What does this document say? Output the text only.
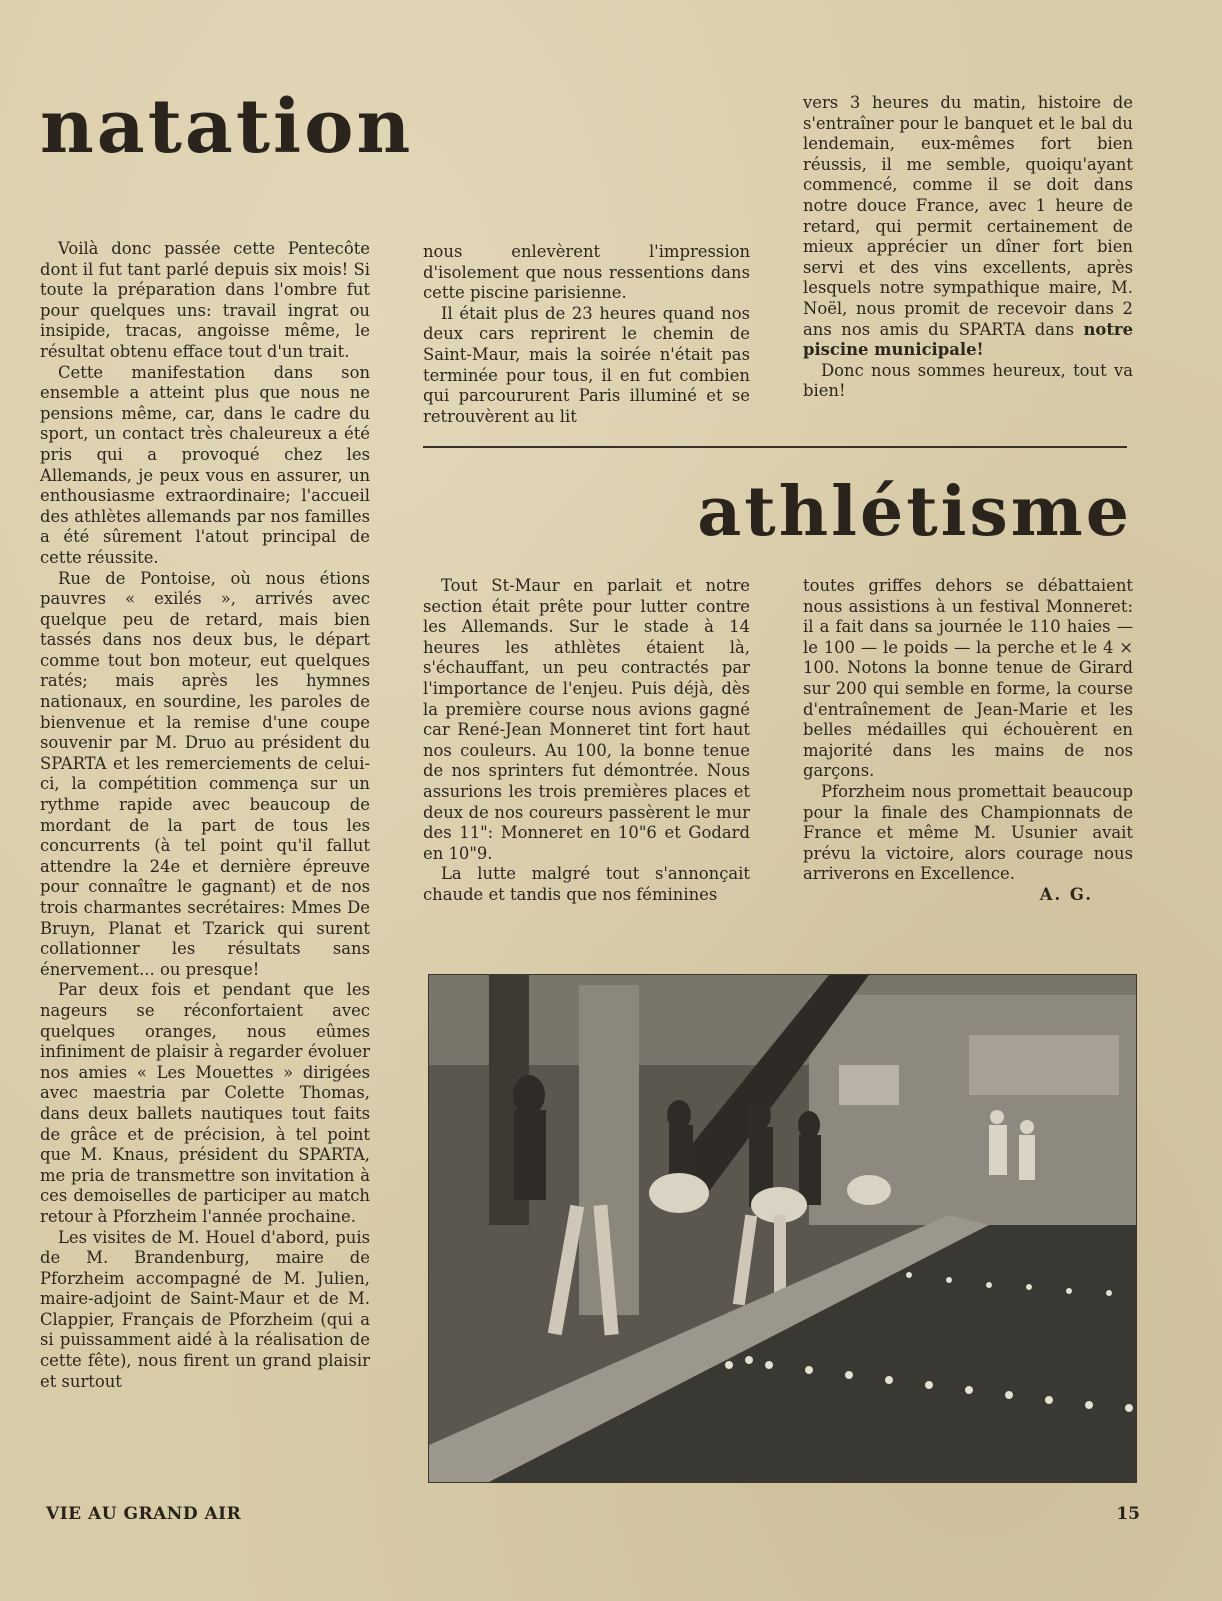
natation

Voilà donc passée cette Pentecôte dont il fut tant parlé depuis six mois! Si toute la préparation dans l'ombre fut pour quelques uns: travail ingrat ou insipide, tracas, angoisse même, le résultat obtenu efface tout d'un trait.

Cette manifestation dans son ensemble a atteint plus que nous ne pensions même, car, dans le cadre du sport, un contact très chaleureux a été pris qui a provoqué chez les Allemands, je peux vous en assurer, un enthousiasme extraordinaire; l'accueil des athlètes allemands par nos familles a été sûrement l'atout principal de cette réussite.

Rue de Pontoise, où nous étions pauvres « exilés », arrivés avec quelque peu de retard, mais bien tassés dans nos deux bus, le départ comme tout bon moteur, eut quelques ratés; mais après les hymnes nationaux, en sourdine, les paroles de bienvenue et la remise d'une coupe souvenir par M. Druo au président du SPARTA et les remerciements de celui-ci, la compétition commença sur un rythme rapide avec beaucoup de mordant de la part de tous les concurrents (à tel point qu'il fallut attendre la 24e et dernière épreuve pour connaître le gagnant) et de nos trois charmantes secrétaires: Mmes De Bruyn, Planat et Tzarick qui surent collationner les résultats sans énervement... ou presque!

Par deux fois et pendant que les nageurs se réconfortaient avec quelques oranges, nous eûmes infiniment de plaisir à regarder évoluer nos amies « Les Mouettes » dirigées avec maestria par Colette Thomas, dans deux ballets nautiques tout faits de grâce et de précision, à tel point que M. Knaus, président du SPARTA, me pria de transmettre son invitation à ces demoiselles de participer au match retour à Pforzheim l'année prochaine.

Les visites de M. Houel d'abord, puis de M. Brandenburg, maire de Pforzheim accompagné de M. Julien, maire-adjoint de Saint-Maur et de M. Clappier, Français de Pforzheim (qui a si puissamment aidé à la réalisation de cette fête), nous firent un grand plaisir et surtout

nous enlevèrent l'impression d'isolement que nous ressentions dans cette piscine parisienne.

Il était plus de 23 heures quand nos deux cars reprirent le chemin de Saint-Maur, mais la soirée n'était pas terminée pour tous, il en fut combien qui parcoururent Paris illuminé et se retrouvèrent au lit

vers 3 heures du matin, histoire de s'entraîner pour le banquet et le bal du lendemain, eux-mêmes fort bien réussis, il me semble, quoiqu'ayant commencé, comme il se doit dans notre douce France, avec 1 heure de retard, qui permit certainement de mieux apprécier un dîner fort bien servi et des vins excellents, après lesquels notre sympathique maire, M. Noël, nous promit de recevoir dans 2 ans nos amis du SPARTA dans notre piscine municipale!

Donc nous sommes heureux, tout va bien!

athlétisme

Tout St-Maur en parlait et notre section était prête pour lutter contre les Allemands. Sur le stade à 14 heures les athlètes étaient là, s'échauffant, un peu contractés par l'importance de l'enjeu. Puis déjà, dès la première course nous avions gagné car René-Jean Monneret tint fort haut nos couleurs. Au 100, la bonne tenue de nos sprinters fut démontrée. Nous assurions les trois premières places et deux de nos coureurs passèrent le mur des 11": Monneret en 10"6 et Godard en 10"9.

La lutte malgré tout s'annonçait chaude et tandis que nos féminines

toutes griffes dehors se débattaient nous assistions à un festival Monneret: il a fait dans sa journée le 110 haies — le 100 — le poids — la perche et le 4 × 100. Notons la bonne tenue de Girard sur 200 qui semble en forme, la course d'entraînement de Jean-Marie et les belles médailles qui échouèrent en majorité dans les mains de nos garçons.

Pforzheim nous promettait beaucoup pour la finale des Championnats de France et même M. Usunier avait prévu la victoire, alors courage nous arriverons en Excellence.

A. G.

VIE AU GRAND AIR	15
